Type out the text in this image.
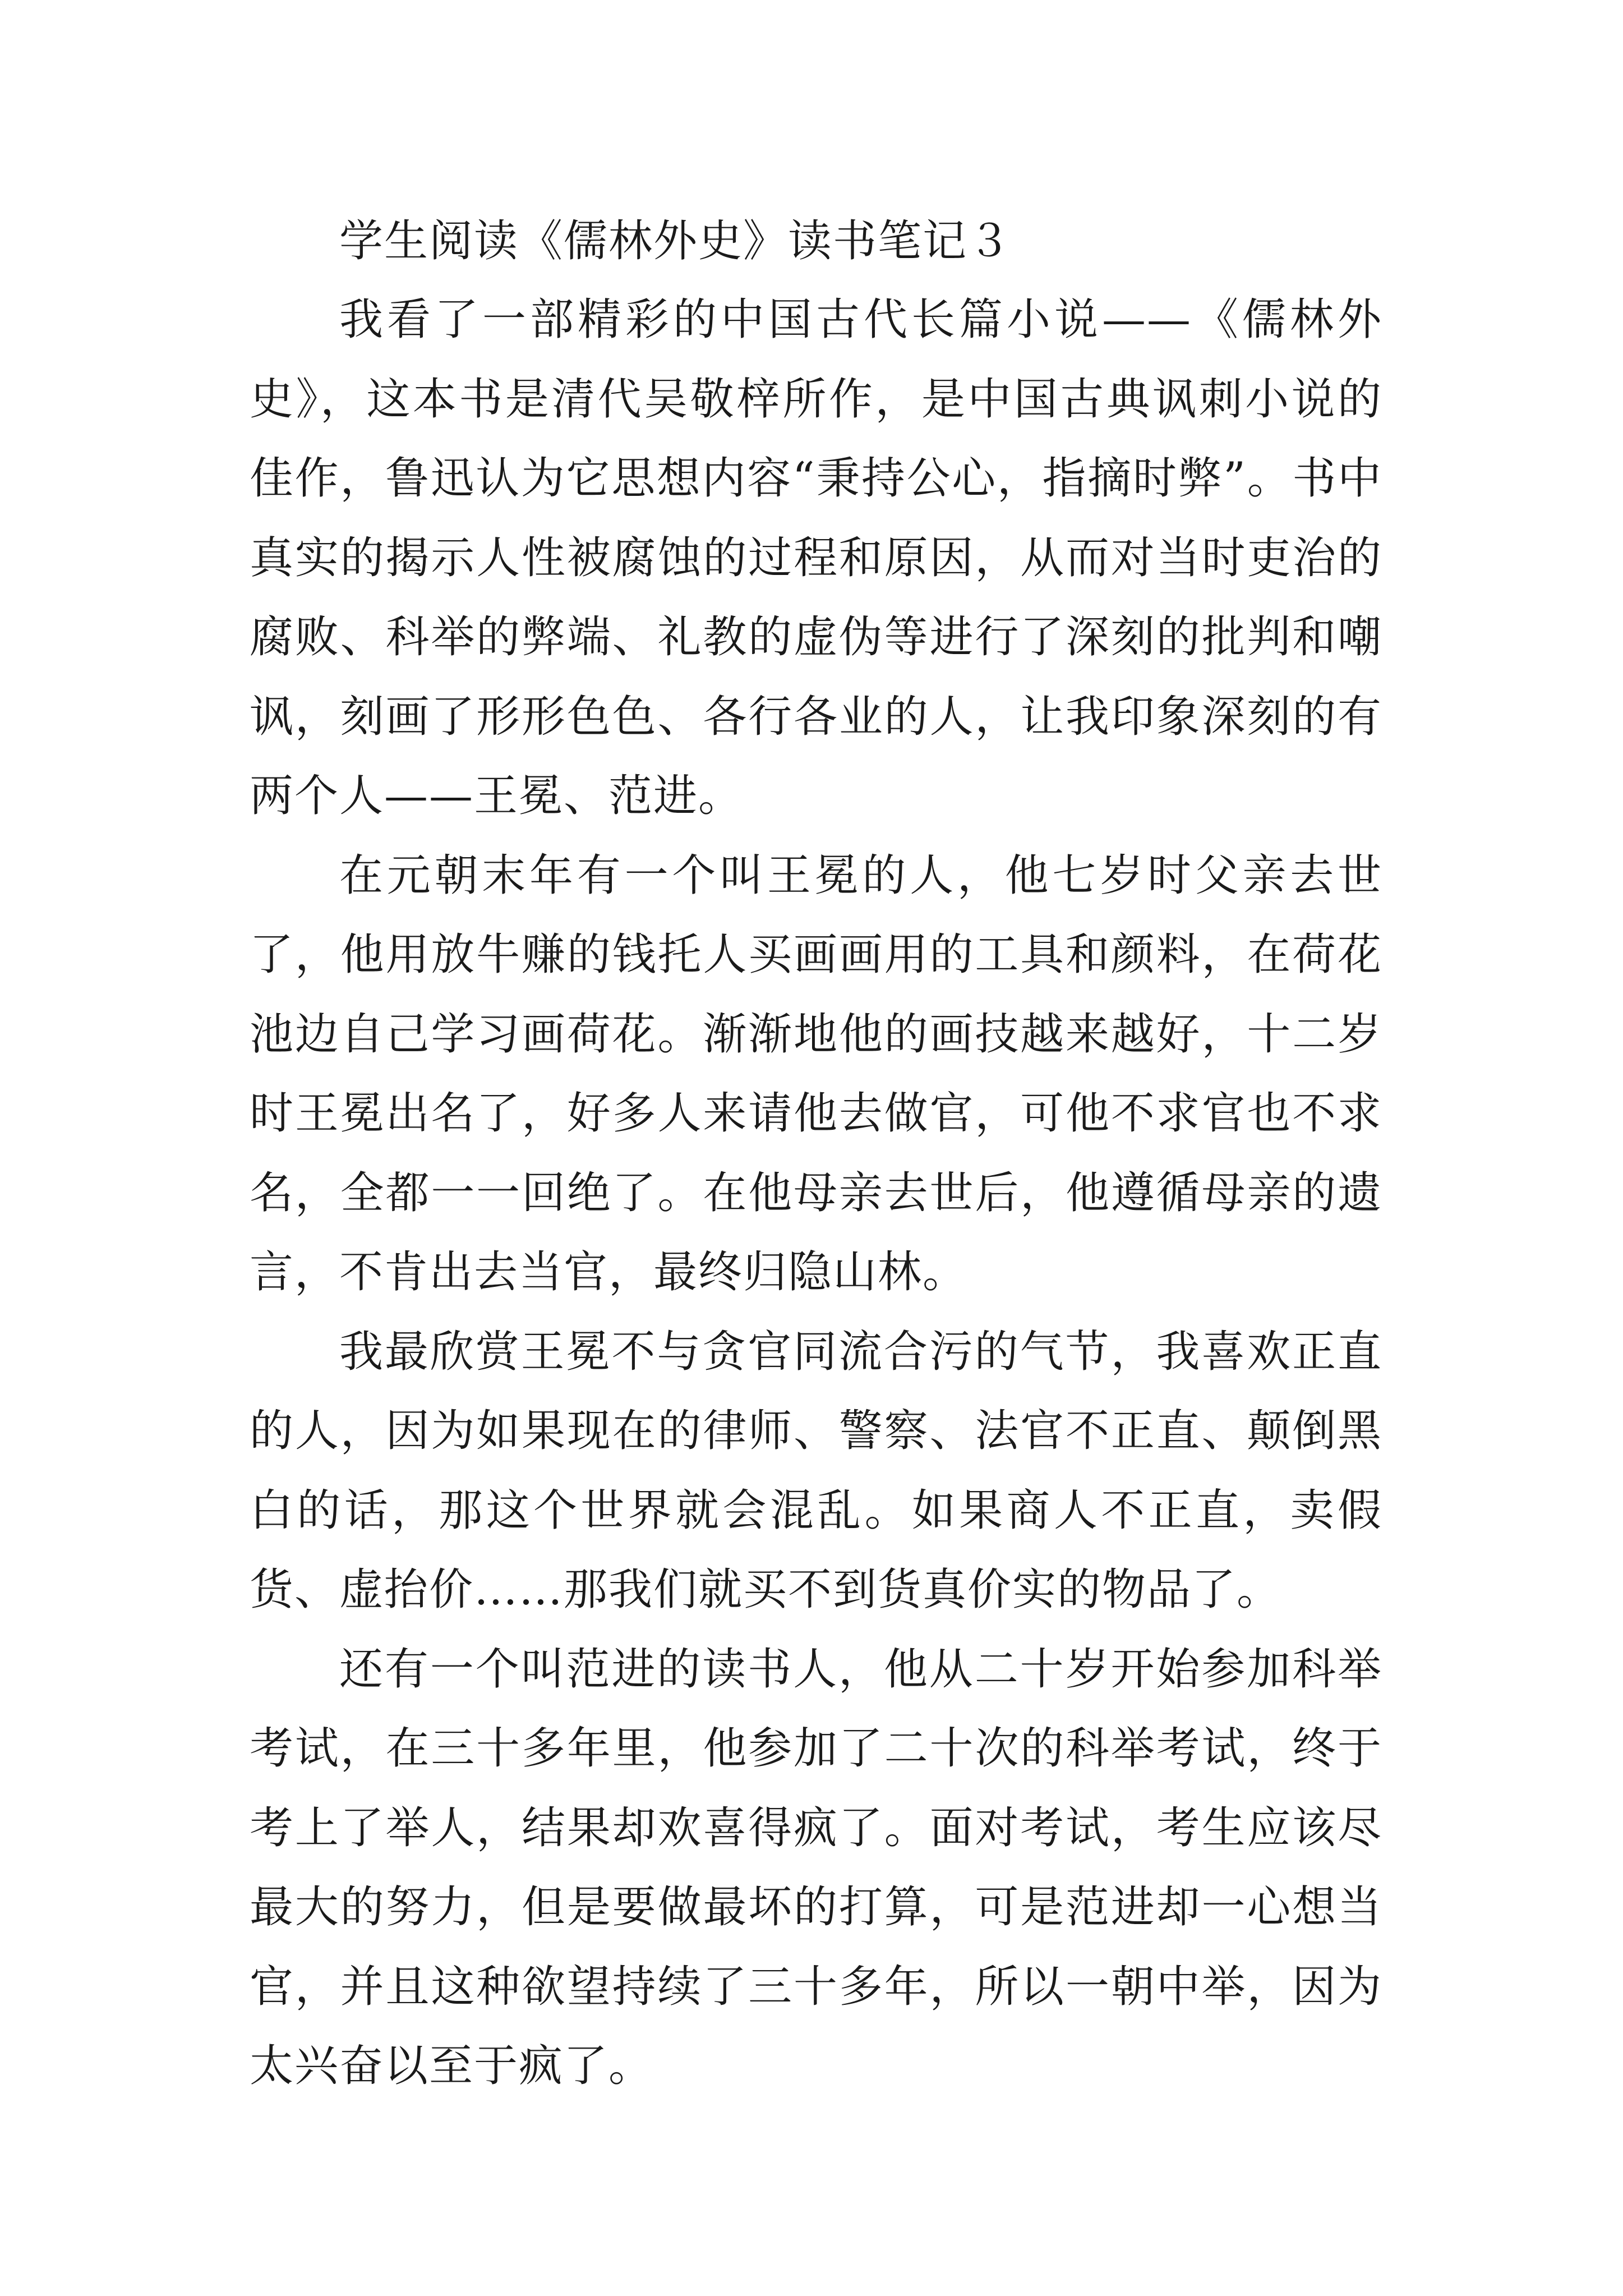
学生阅读《儒林外史》读书笔记３

我看了一部精彩的中国古代长篇小说——《儒林外史》，这本书是清代吴敬梓所作，是中国古典讽刺小说的佳作，鲁迅认为它思想内容“秉持公心，指摘时弊”。书中真实的揭示人性被腐蚀的过程和原因，从而对当时吏治的腐败、科举的弊端、礼教的虚伪等进行了深刻的批判和嘲讽，刻画了形形色色、各行各业的人，让我印象深刻的有两个人——王冕、范进。

在元朝末年有一个叫王冕的人，他七岁时父亲去世了，他用放牛赚的钱托人买画画用的工具和颜料，在荷花池边自己学习画荷花。渐渐地他的画技越来越好，十二岁时王冕出名了，好多人来请他去做官，可他不求官也不求名，全都一一回绝了。在他母亲去世后，他遵循母亲的遗言，不肯出去当官，最终归隐山林。

我最欣赏王冕不与贪官同流合污的气节，我喜欢正直的人，因为如果现在的律师、警察、法官不正直、颠倒黑白的话，那这个世界就会混乱。如果商人不正直，卖假货、虚抬价……那我们就买不到货真价实的物品了。

还有一个叫范进的读书人，他从二十岁开始参加科举考试，在三十多年里，他参加了二十次的科举考试，终于考上了举人，结果却欢喜得疯了。面对考试，考生应该尽最大的努力，但是要做最坏的打算，可是范进却一心想当官，并且这种欲望持续了三十多年，所以一朝中举，因为太兴奋以至于疯了。
